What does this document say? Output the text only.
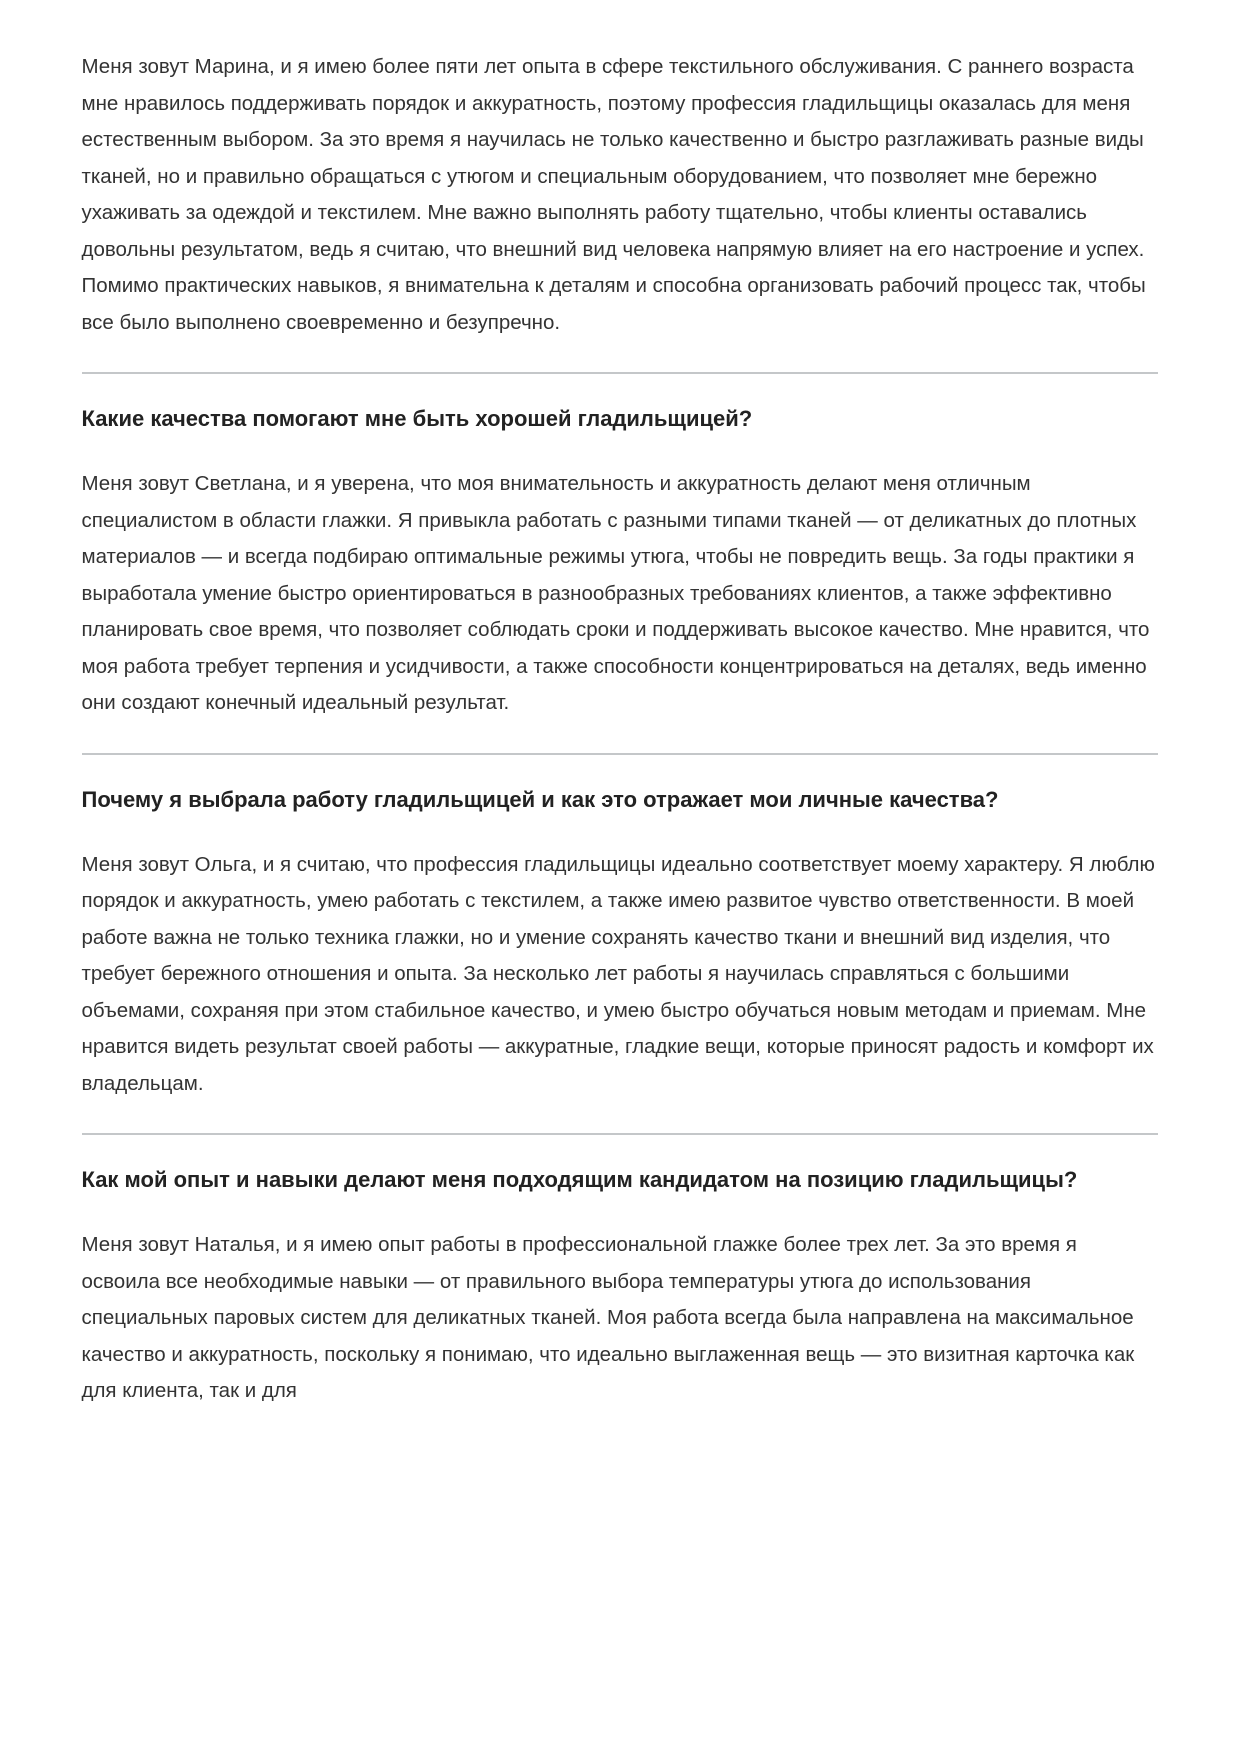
Меня зовут Марина, и я имею более пяти лет опыта в сфере текстильного обслуживания. С раннего возраста мне нравилось поддерживать порядок и аккуратность, поэтому профессия гладильщицы оказалась для меня естественным выбором. За это время я научилась не только качественно и быстро разглаживать разные виды тканей, но и правильно обращаться с утюгом и специальным оборудованием, что позволяет мне бережно ухаживать за одеждой и текстилем. Мне важно выполнять работу тщательно, чтобы клиенты оставались довольны результатом, ведь я считаю, что внешний вид человека напрямую влияет на его настроение и успех. Помимо практических навыков, я внимательна к деталям и способна организовать рабочий процесс так, чтобы все было выполнено своевременно и безупречно.

Какие качества помогают мне быть хорошей гладильщицей?

Меня зовут Светлана, и я уверена, что моя внимательность и аккуратность делают меня отличным специалистом в области глажки. Я привыкла работать с разными типами тканей — от деликатных до плотных материалов — и всегда подбираю оптимальные режимы утюга, чтобы не повредить вещь. За годы практики я выработала умение быстро ориентироваться в разнообразных требованиях клиентов, а также эффективно планировать свое время, что позволяет соблюдать сроки и поддерживать высокое качество. Мне нравится, что моя работа требует терпения и усидчивости, а также способности концентрироваться на деталях, ведь именно они создают конечный идеальный результат.

Почему я выбрала работу гладильщицей и как это отражает мои личные качества?

Меня зовут Ольга, и я считаю, что профессия гладильщицы идеально соответствует моему характеру. Я люблю порядок и аккуратность, умею работать с текстилем, а также имею развитое чувство ответственности. В моей работе важна не только техника глажки, но и умение сохранять качество ткани и внешний вид изделия, что требует бережного отношения и опыта. За несколько лет работы я научилась справляться с большими объемами, сохраняя при этом стабильное качество, и умею быстро обучаться новым методам и приемам. Мне нравится видеть результат своей работы — аккуратные, гладкие вещи, которые приносят радость и комфорт их владельцам.

Как мой опыт и навыки делают меня подходящим кандидатом на позицию гладильщицы?

Меня зовут Наталья, и я имею опыт работы в профессиональной глажке более трех лет. За это время я освоила все необходимые навыки — от правильного выбора температуры утюга до использования специальных паровых систем для деликатных тканей. Моя работа всегда была направлена на максимальное качество и аккуратность, поскольку я понимаю, что идеально выглаженная вещь — это визитная карточка как для клиента, так и для
